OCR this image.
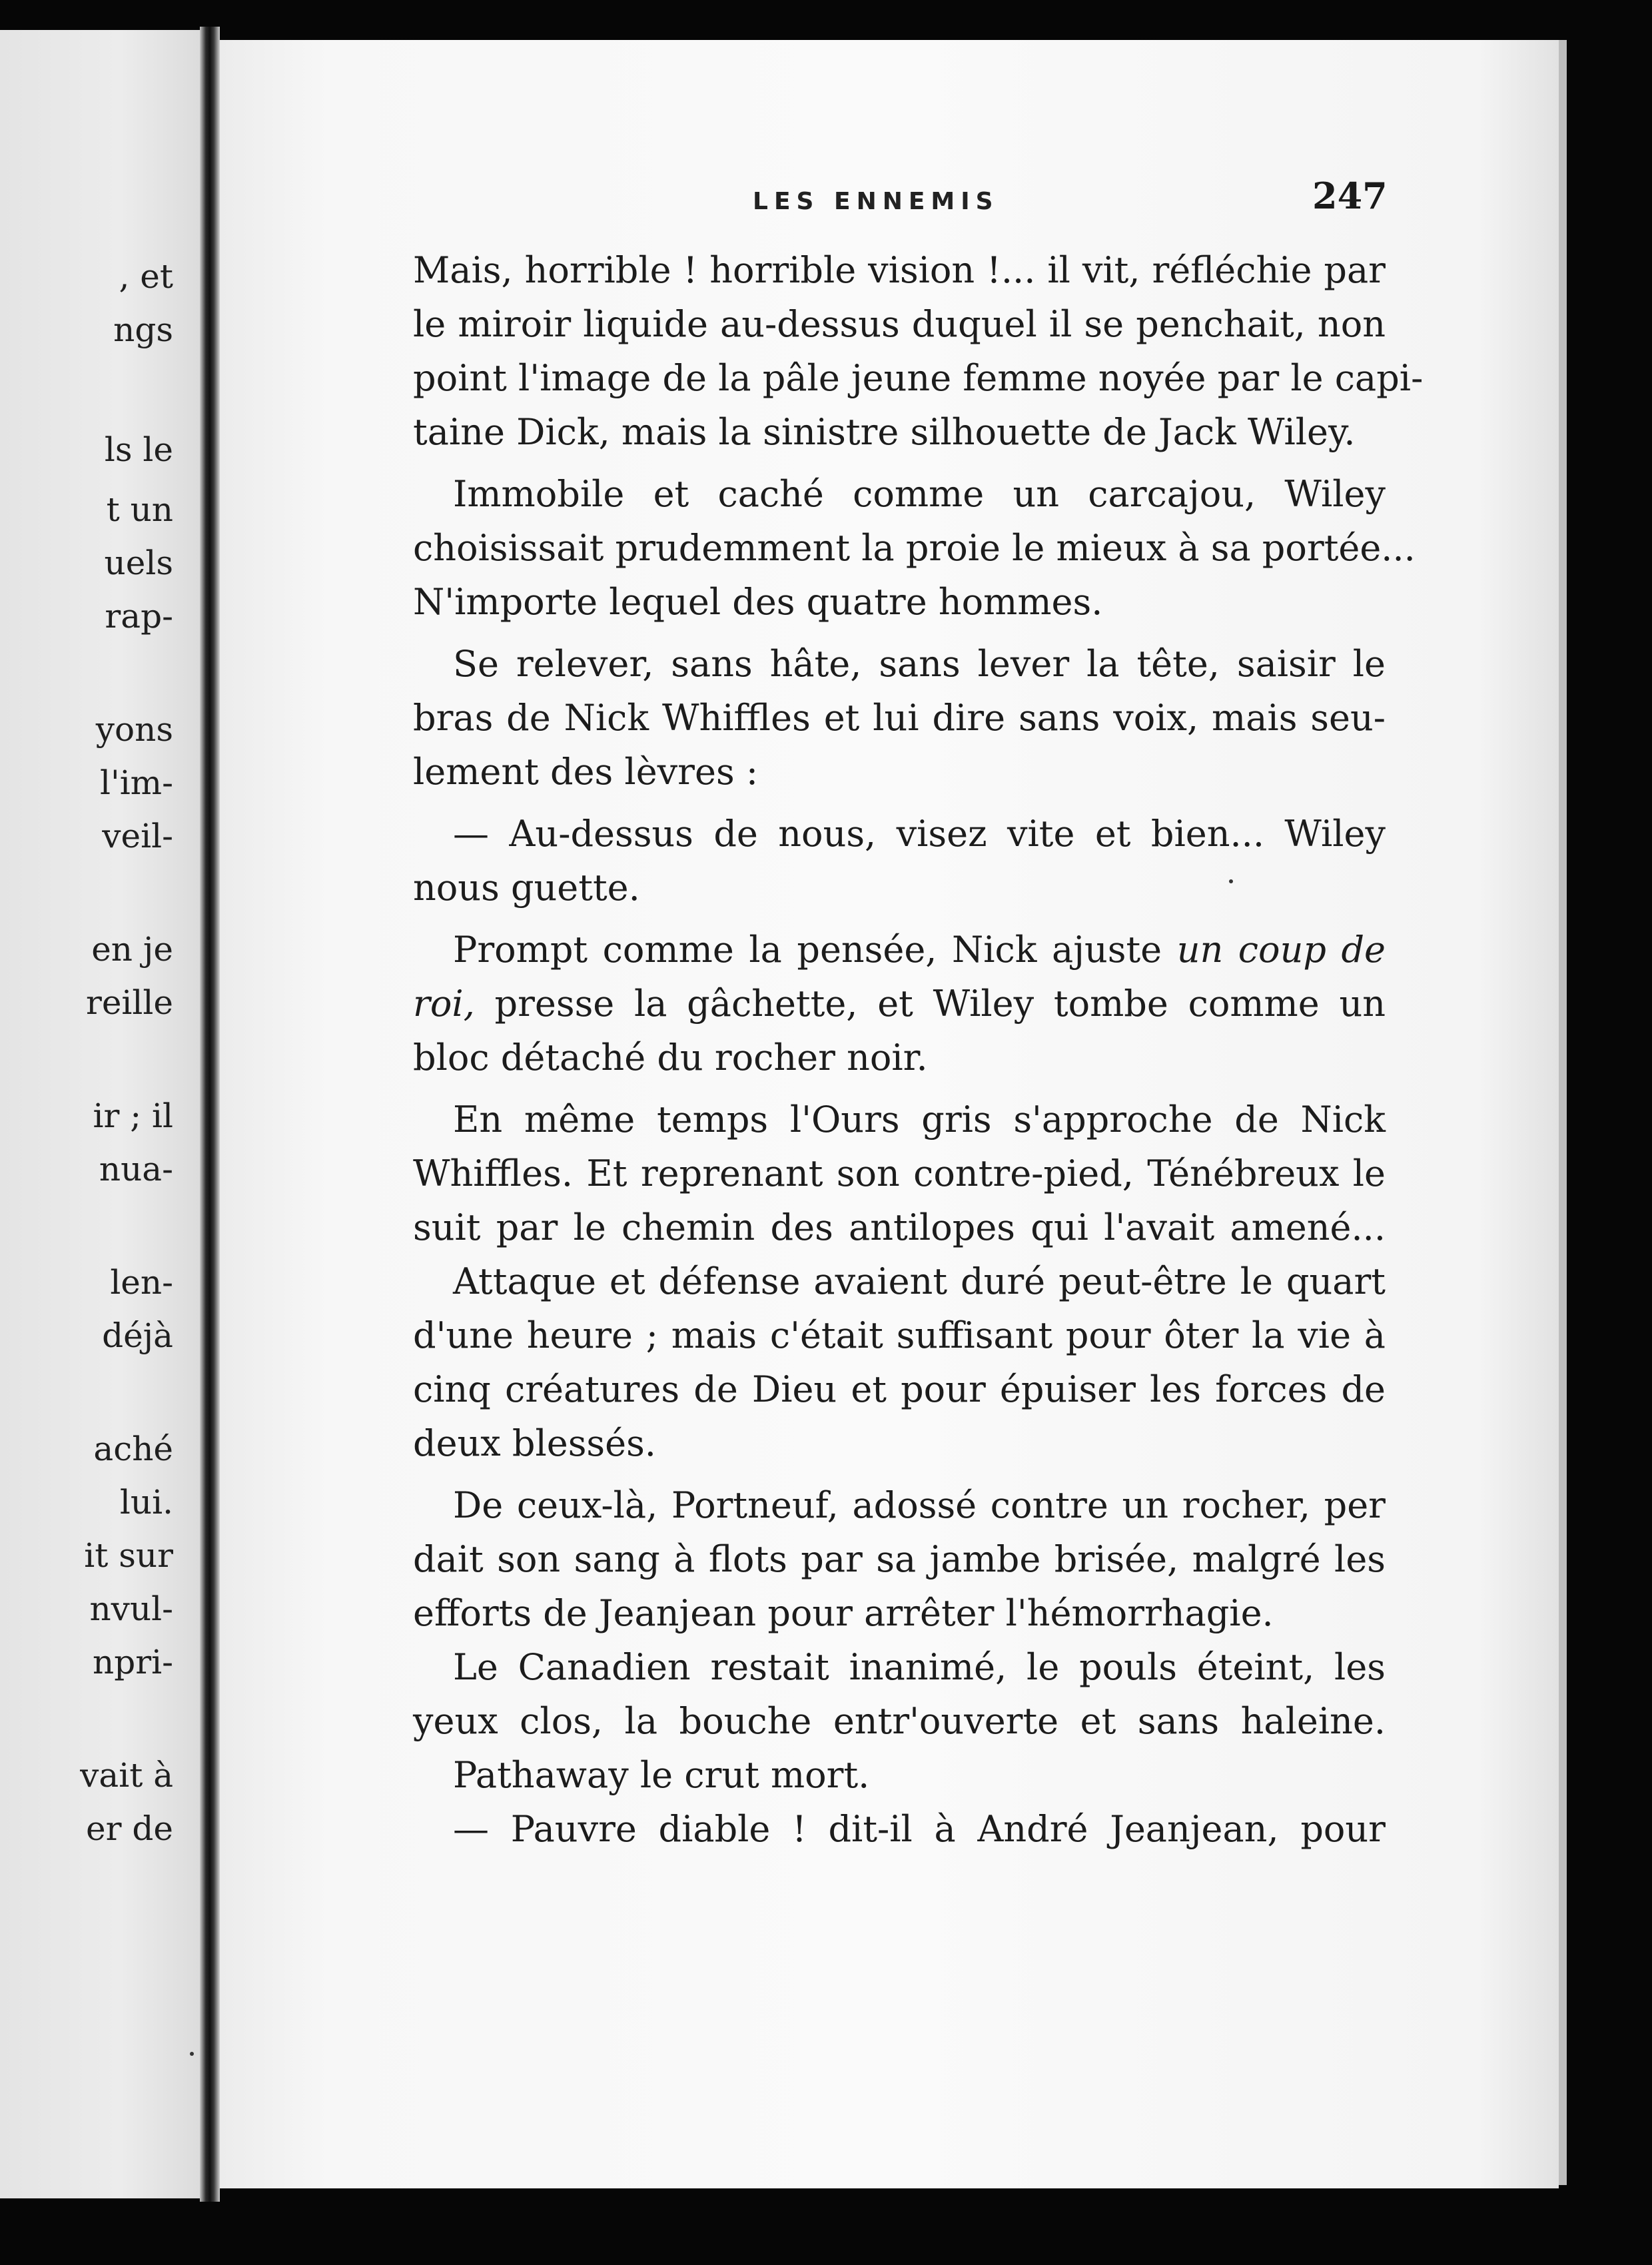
, et
ngs
ls le
t un
uels
rap-
yons
l'im-
veil-
en je
reille
ir ; il
nua-
len-
déjà
aché
lui.
it sur
nvul-
npri-
vait à
er de
LES ENNEMIS	247
Mais, horrible ! horrible vision !... il vit, réfléchie par
le miroir liquide au-dessus duquel il se penchait, non
point l'image de la pâle jeune femme noyée par le capi-
taine Dick, mais la sinistre silhouette de Jack Wiley.
Immobile et caché comme un carcajou, Wiley
choisissait prudemment la proie le mieux à sa portée...
N'importe lequel des quatre hommes.
Se relever, sans hâte, sans lever la tête, saisir le
bras de Nick Whiffles et lui dire sans voix, mais seu-
lement des lèvres :
— Au-dessus de nous, visez vite et bien... Wiley
nous guette.
Prompt comme la pensée, Nick ajuste un coup de
roi, presse la gâchette, et Wiley tombe comme un
bloc détaché du rocher noir.
En même temps l'Ours gris s'approche de Nick
Whiffles. Et reprenant son contre-pied, Ténébreux le
suit par le chemin des antilopes qui l'avait amené...
Attaque et défense avaient duré peut-être le quart
d'une heure ; mais c'était suffisant pour ôter la vie à
cinq créatures de Dieu et pour épuiser les forces de
deux blessés.
De ceux-là, Portneuf, adossé contre un rocher, per
dait son sang à flots par sa jambe brisée, malgré les
efforts de Jeanjean pour arrêter l'hémorrhagie.
Le Canadien restait inanimé, le pouls éteint, les
yeux clos, la bouche entr'ouverte et sans haleine.
Pathaway le crut mort.
— Pauvre diable ! dit-il à André Jeanjean, pour
